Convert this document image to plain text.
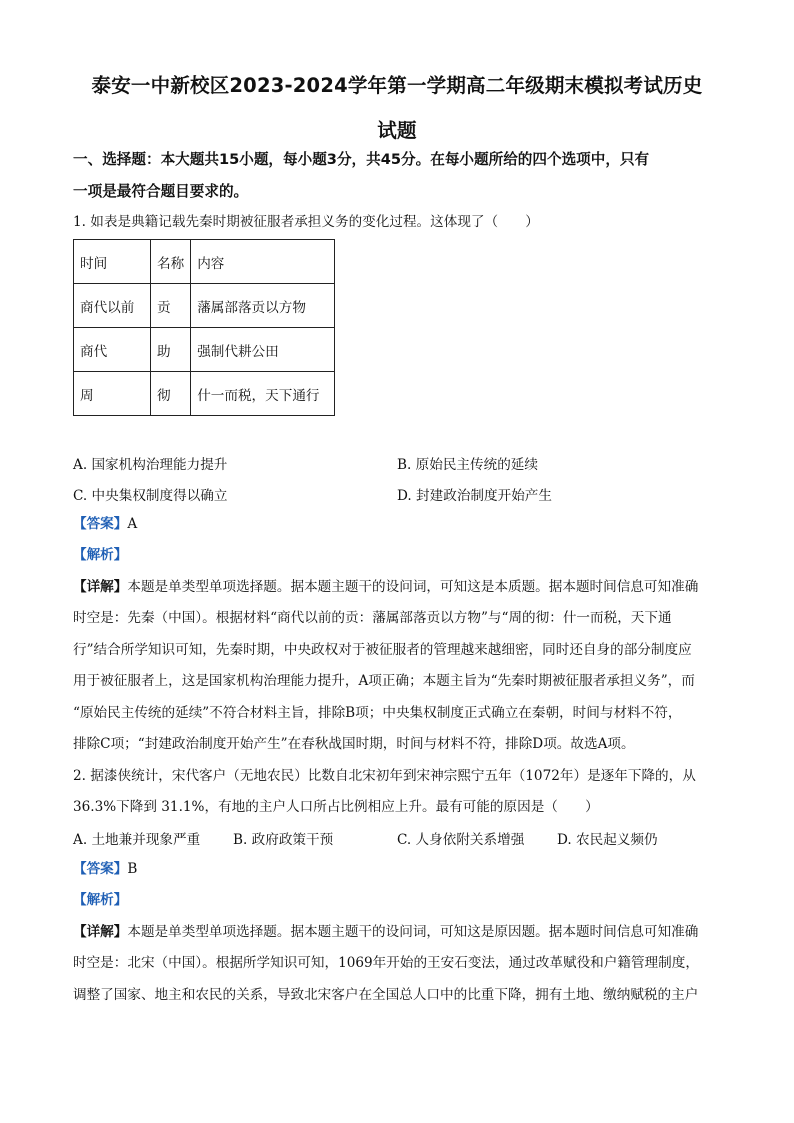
泰安一中新校区2023-2024学年第一学期高二年级期末模拟考试历史
试题
一、选择题：本大题共15小题，每小题3分，共45分。在每小题所给的四个选项中，只有
一项是最符合题目要求的。
1. 如表是典籍记载先秦时期被征服者承担义务的变化过程。这体现了（　　）
时间	名称	内容
商代以前	贡	藩属部落贡以方物
商代	助	强制代耕公田
周	彻	什一而税，天下通行
A. 国家机构治理能力提升	B. 原始民主传统的延续
C. 中央集权制度得以确立	D. 封建政治制度开始产生
【答案】A
【解析】
【详解】本题是单类型单项选择题。据本题主题干的设问词，可知这是本质题。据本题时间信息可知准确
时空是：先秦（中国）。根据材料“商代以前的贡：藩属部落贡以方物”与“周的彻：什一而税，天下通
行”结合所学知识可知，先秦时期，中央政权对于被征服者的管理越来越细密，同时还自身的部分制度应
用于被征服者上，这是国家机构治理能力提升，A项正确；本题主旨为“先秦时期被征服者承担义务”，而
“原始民主传统的延续”不符合材料主旨，排除B项；中央集权制度正式确立在秦朝，时间与材料不符，
排除C项；“封建政治制度开始产生”在春秋战国时期，时间与材料不符，排除D项。故选A项。
2. 据漆侠统计，宋代客户（无地农民）比数自北宋初年到宋神宗熙宁五年（1072年）是逐年下降的，从
36.3%下降到 31.1%，有地的主户人口所占比例相应上升。最有可能的原因是（　　）
A. 土地兼并现象严重 B. 政府政策干预	C. 人身依附关系增强 D. 农民起义频仍
【答案】B
【解析】
【详解】本题是单类型单项选择题。据本题主题干的设问词，可知这是原因题。据本题时间信息可知准确
时空是：北宋（中国）。根据所学知识可知，1069年开始的王安石变法，通过改革赋役和户籍管理制度，
调整了国家、地主和农民的关系，导致北宋客户在全国总人口中的比重下降，拥有土地、缴纳赋税的主户
